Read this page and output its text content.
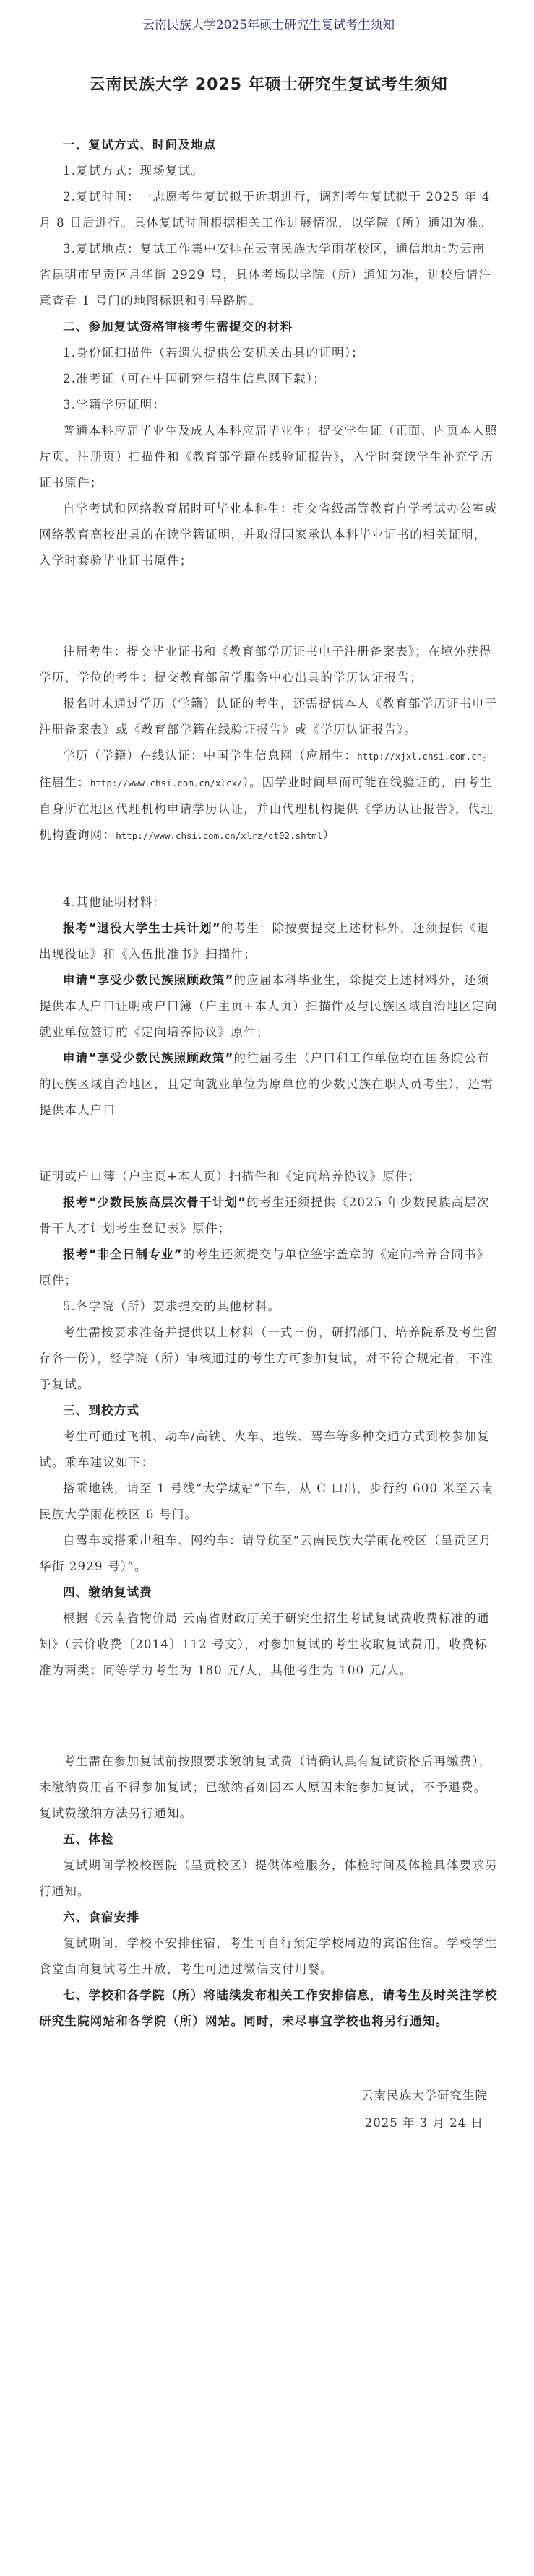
云南民族大学2025年硕士研究生复试考生须知
云南民族大学 2025 年硕士研究生复试考生须知

一、复试方式、时间及地点

1.复试方式：现场复试。

2.复试时间：一志愿考生复试拟于近期进行，调剂考生复试拟于 2025 年 4 月 8 日后进行。具体复试时间根据相关工作进展情况，以学院（所）通知为准。

3.复试地点：复试工作集中安排在云南民族大学雨花校区，通信地址为云南省昆明市呈贡区月华街 2929 号，具体考场以学院（所）通知为准，进校后请注意查看 1 号门的地图标识和引导路牌。

二、参加复试资格审核考生需提交的材料

1.身份证扫描件（若遗失提供公安机关出具的证明）；

2.准考证（可在中国研究生招生信息网下载）；

3.学籍学历证明：

普通本科应届毕业生及成人本科应届毕业生：提交学生证（正面、内页本人照片页、注册页）扫描件和《教育部学籍在线验证报告》，入学时套读学生补充学历证书原件；

自学考试和网络教育届时可毕业本科生：提交省级高等教育自学考试办公室或网络教育高校出具的在读学籍证明，并取得国家承认本科毕业证书的相关证明，入学时套验毕业证书原件；

往届考生：提交毕业证书和《教育部学历证书电子注册备案表》；在境外获得学历、学位的考生：提交教育部留学服务中心出具的学历认证报告；

报名时未通过学历（学籍）认证的考生，还需提供本人《教育部学历证书电子注册备案表》或《教育部学籍在线验证报告》或《学历认证报告》。

学历（学籍）在线认证：中国学生信息网（应届生：http://xjxl.chsi.com.cn。往届生：http://www.chsi.com.cn/xlcx/）。因学业时间早而可能在线验证的，由考生自身所在地区代理机构申请学历认证，并由代理机构提供《学历认证报告》，代理机构查询网：http://www.chsi.com.cn/xlrz/ct02.shtml）

4.其他证明材料：

报考“退役大学生士兵计划”的考生：除按要提交上述材料外，还须提供《退出现役证》和《入伍批准书》扫描件；

申请“享受少数民族照顾政策”的应届本科毕业生，除提交上述材料外，还须提供本人户口证明或户口簿（户主页+本人页）扫描件及与民族区域自治地区定向就业单位签订的《定向培养协议》原件；

申请“享受少数民族照顾政策”的往届考生（户口和工作单位均在国务院公布的民族区域自治地区，且定向就业单位为原单位的少数民族在职人员考生），还需提供本人户口

证明或户口簿（户主页+本人页）扫描件和《定向培养协议》原件；

报考“少数民族高层次骨干计划”的考生还须提供《2025 年少数民族高层次骨干人才计划考生登记表》原件；

报考“非全日制专业”的考生还须提交与单位签字盖章的《定向培养合同书》原件；

5.各学院（所）要求提交的其他材料。

考生需按要求准备并提供以上材料（一式三份，研招部门、培养院系及考生留存各一份），经学院（所）审核通过的考生方可参加复试，对不符合规定者，不准予复试。

三、到校方式

考生可通过飞机、动车/高铁、火车、地铁、驾车等多种交通方式到校参加复试。乘车建议如下：

搭乘地铁，请至 1 号线“大学城站”下车，从 C 口出，步行约 600 米至云南民族大学雨花校区 6 号门。

自驾车或搭乘出租车、网约车：请导航至“云南民族大学雨花校区（呈贡区月华街 2929 号）”。

四、缴纳复试费

根据《云南省物价局 云南省财政厅关于研究生招生考试复试费收费标准的通知》（云价收费〔2014〕112 号文），对参加复试的考生收取复试费用，收费标准为两类：同等学力考生为 180 元/人，其他考生为 100 元/人。

考生需在参加复试前按照要求缴纳复试费（请确认具有复试资格后再缴费），未缴纳费用者不得参加复试；已缴纳者如因本人原因未能参加复试，不予退费。复试费缴纳方法另行通知。

五、体检

复试期间学校校医院（呈贡校区）提供体检服务，体检时间及体检具体要求另行通知。

六、食宿安排

复试期间，学校不安排住宿，考生可自行预定学校周边的宾馆住宿。学校学生食堂面向复试考生开放，考生可通过微信支付用餐。

七、学校和各学院（所）将陆续发布相关工作安排信息，请考生及时关注学校研究生院网站和各学院（所）网站。同时，未尽事宜学校也将另行通知。

云南民族大学研究生院
2025 年 3 月 24 日
